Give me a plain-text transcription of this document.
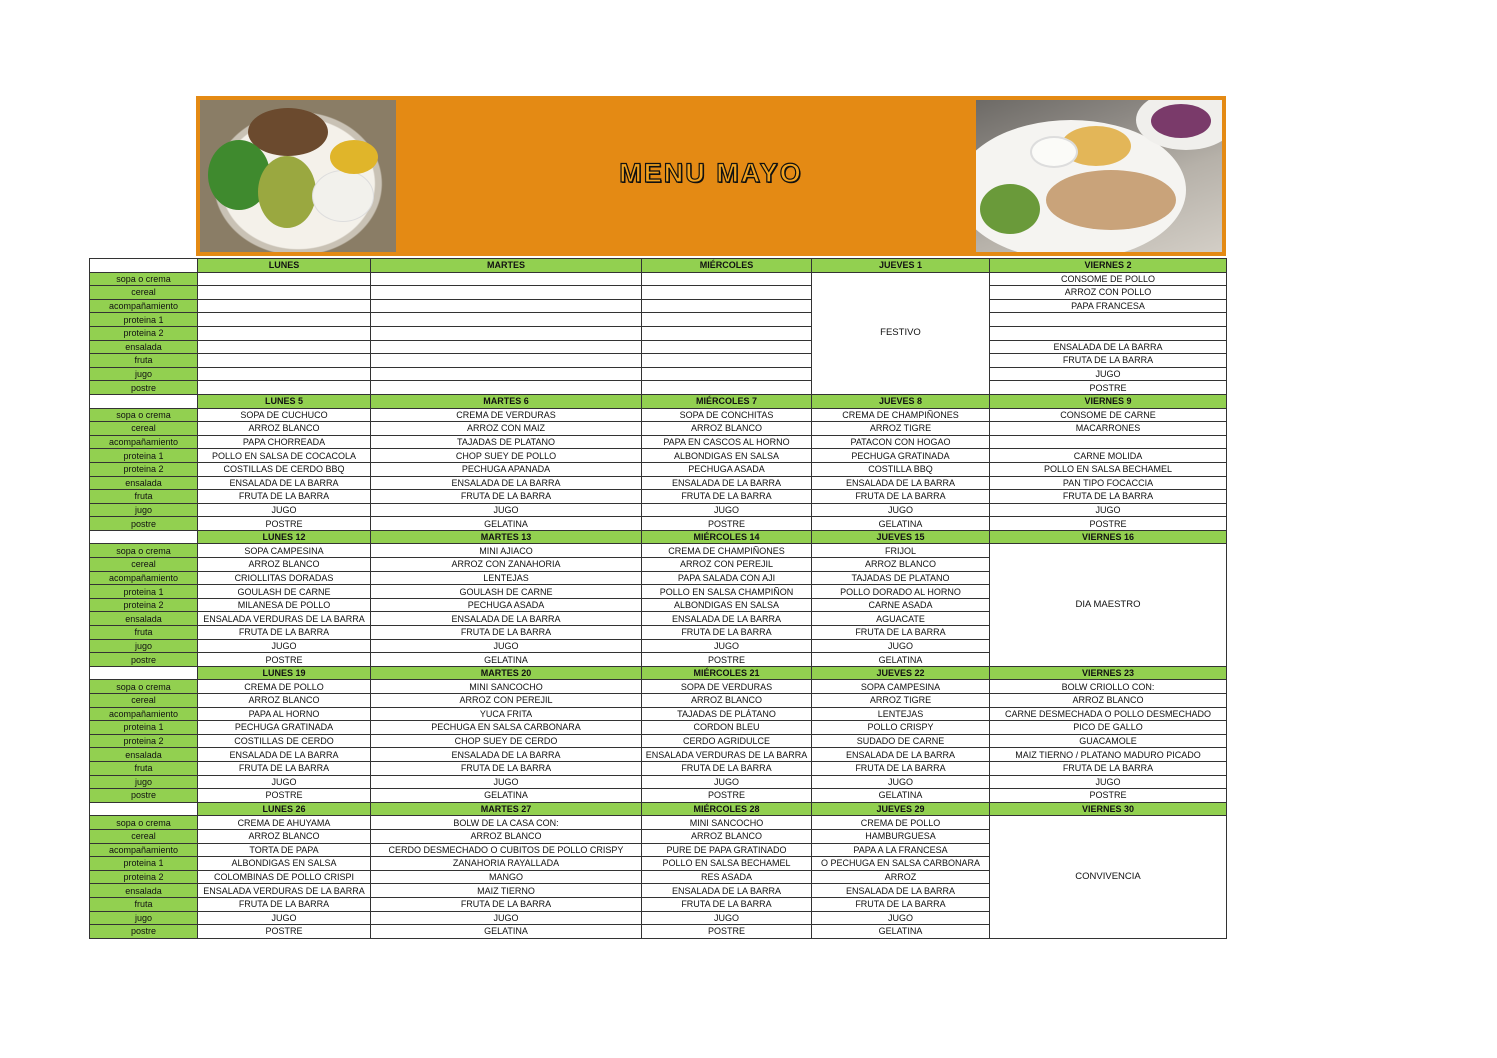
MENU MAYO
	LUNES	MARTES	MIÉRCOLES	JUEVES 1	VIERNES 2
sopa o crema				FESTIVO	CONSOME DE POLLO
cereal					ARROZ CON POLLO
acompañamiento					PAPA FRANCESA
proteina 1					
proteina 2					
ensalada					ENSALADA DE LA BARRA
fruta					FRUTA DE LA BARRA
jugo					JUGO
postre					POSTRE
	LUNES 5	MARTES 6	MIÉRCOLES 7	JUEVES 8	VIERNES 9
sopa o crema	SOPA DE CUCHUCO	CREMA DE VERDURAS	SOPA DE CONCHITAS	CREMA DE CHAMPIÑONES	CONSOME DE CARNE
cereal	ARROZ BLANCO	ARROZ CON MAIZ	ARROZ BLANCO	ARROZ TIGRE	MACARRONES
acompañamiento	PAPA CHORREADA	TAJADAS DE PLATANO	PAPA EN CASCOS AL HORNO	PATACON CON HOGAO	
proteina 1	POLLO EN SALSA DE COCACOLA	CHOP SUEY DE POLLO	ALBONDIGAS EN SALSA	PECHUGA GRATINADA	CARNE MOLIDA
proteina 2	COSTILLAS DE CERDO BBQ	PECHUGA APANADA	PECHUGA ASADA	COSTILLA BBQ	POLLO EN SALSA BECHAMEL
ensalada	ENSALADA DE LA BARRA	ENSALADA DE LA BARRA	ENSALADA DE LA BARRA	ENSALADA DE LA BARRA	PAN TIPO FOCACCIA
fruta	FRUTA DE LA BARRA	FRUTA DE LA BARRA	FRUTA DE LA BARRA	FRUTA DE LA BARRA	FRUTA DE LA BARRA
jugo	JUGO	JUGO	JUGO	JUGO	JUGO
postre	POSTRE	GELATINA	POSTRE	GELATINA	POSTRE
	LUNES 12	MARTES 13	MIÉRCOLES 14	JUEVES 15	VIERNES 16
sopa o crema	SOPA CAMPESINA	MINI AJIACO	CREMA DE CHAMPIÑONES	FRIJOL	DIA MAESTRO
cereal	ARROZ BLANCO	ARROZ CON ZANAHORIA	ARROZ CON PEREJIL	ARROZ BLANCO	
acompañamiento	CRIOLLITAS DORADAS	LENTEJAS	PAPA SALADA CON AJI	TAJADAS DE PLATANO	
proteina 1	GOULASH DE CARNE	GOULASH DE CARNE	POLLO EN SALSA CHAMPIÑON	POLLO DORADO AL HORNO	
proteina 2	MILANESA DE POLLO	PECHUGA ASADA	ALBONDIGAS EN SALSA	CARNE ASADA	
ensalada	ENSALADA VERDURAS DE LA BARRA	ENSALADA DE LA BARRA	ENSALADA DE LA BARRA	AGUACATE	
fruta	FRUTA DE LA BARRA	FRUTA DE LA BARRA	FRUTA DE LA BARRA	FRUTA DE LA BARRA	
jugo	JUGO	JUGO	JUGO	JUGO	
postre	POSTRE	GELATINA	POSTRE	GELATINA	
	LUNES 19	MARTES 20	MIÉRCOLES 21	JUEVES 22	VIERNES 23
sopa o crema	CREMA DE POLLO	MINI SANCOCHO	SOPA DE VERDURAS	SOPA CAMPESINA	BOLW CRIOLLO CON:
cereal	ARROZ BLANCO	ARROZ CON PEREJIL	ARROZ BLANCO	ARROZ TIGRE	ARROZ BLANCO
acompañamiento	PAPA AL HORNO	YUCA FRITA	TAJADAS DE PLÁTANO	LENTEJAS	CARNE DESMECHADA O POLLO DESMECHADO
proteina 1	PECHUGA GRATINADA	PECHUGA EN SALSA CARBONARA	CORDON BLEU	POLLO CRISPY	PICO DE GALLO
proteina 2	COSTILLAS DE CERDO	CHOP SUEY DE CERDO	CERDO AGRIDULCE	SUDADO DE CARNE	GUACAMOLE
ensalada	ENSALADA DE LA BARRA	ENSALADA DE LA BARRA	ENSALADA VERDURAS DE LA BARRA	ENSALADA DE LA BARRA	MAIZ TIERNO / PLATANO MADURO PICADO
fruta	FRUTA DE LA BARRA	FRUTA DE LA BARRA	FRUTA DE LA BARRA	FRUTA DE LA BARRA	FRUTA DE LA BARRA
jugo	JUGO	JUGO	JUGO	JUGO	JUGO
postre	POSTRE	GELATINA	POSTRE	GELATINA	POSTRE
	LUNES 26	MARTES 27	MIÉRCOLES 28	JUEVES 29	VIERNES 30
sopa o crema	CREMA DE AHUYAMA	BOLW DE LA CASA CON:	MINI SANCOCHO	CREMA DE POLLO	CONVIVENCIA
cereal	ARROZ BLANCO	ARROZ BLANCO	ARROZ BLANCO	HAMBURGUESA	
acompañamiento	TORTA DE PAPA	CERDO DESMECHADO O CUBITOS DE POLLO CRISPY	PURE DE PAPA GRATINADO	PAPA A LA FRANCESA	
proteina 1	ALBONDIGAS EN SALSA	ZANAHORIA RAYALLADA	POLLO EN SALSA BECHAMEL	O PECHUGA EN SALSA CARBONARA	
proteina 2	COLOMBINAS DE POLLO CRISPI	MANGO	RES ASADA	ARROZ	
ensalada	ENSALADA VERDURAS DE LA BARRA	MAIZ TIERNO	ENSALADA DE LA BARRA	ENSALADA DE LA BARRA	
fruta	FRUTA DE LA BARRA	FRUTA DE LA BARRA	FRUTA DE LA BARRA	FRUTA DE LA BARRA	
jugo	JUGO	JUGO	JUGO	JUGO	
postre	POSTRE	GELATINA	POSTRE	GELATINA	
